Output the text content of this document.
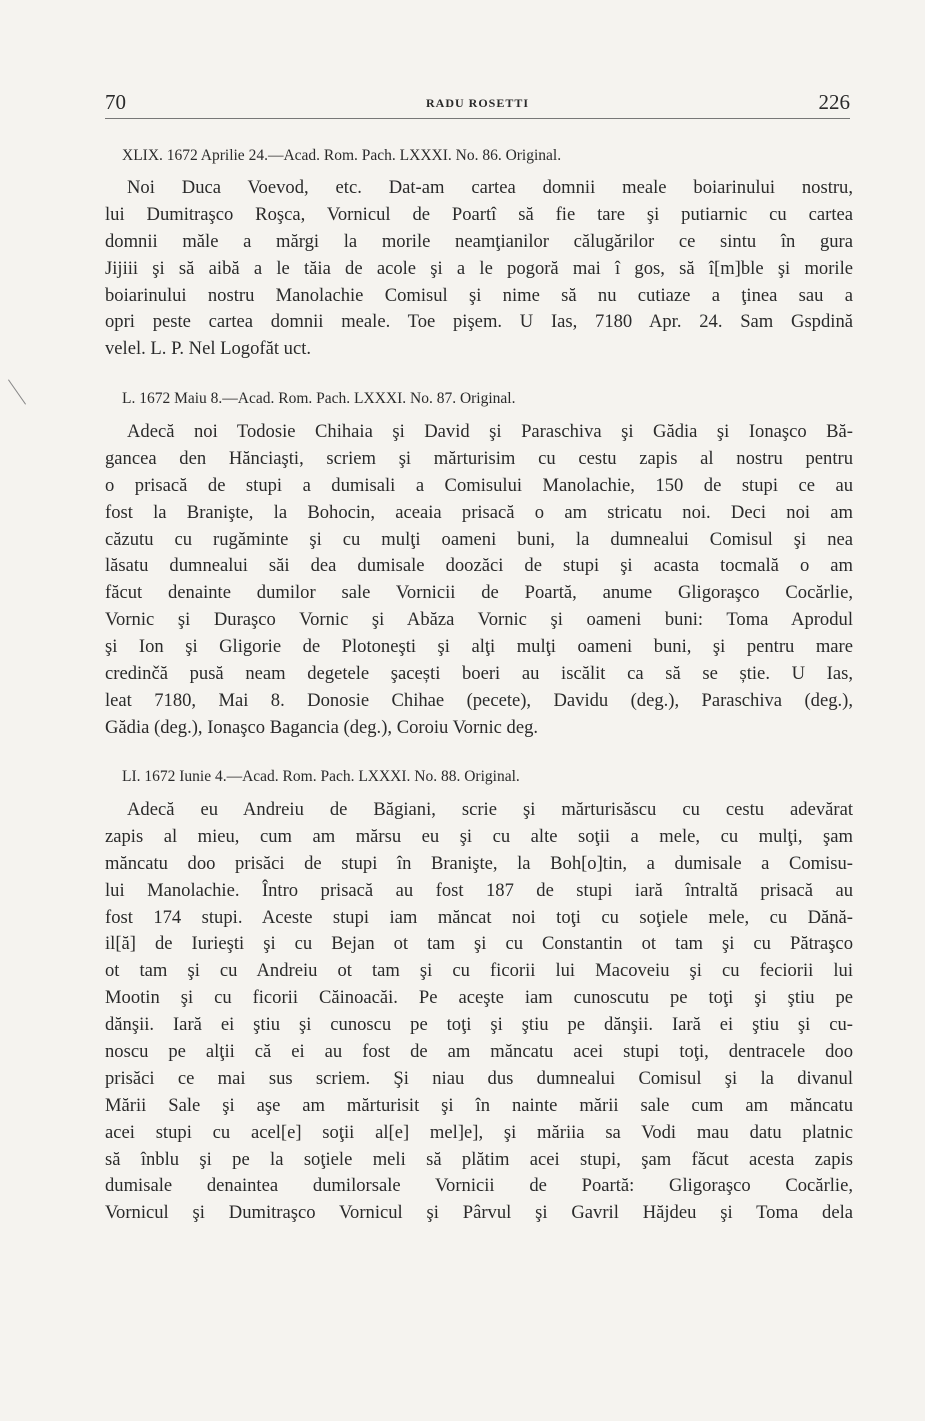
70	RADU ROSETTI	226
XLIX. 1672 Aprilie 24.—Acad. Rom. Pach. LXXXI. No. 86. Original.
Noi Duca Voevod, etc. Dat-am cartea domnii meale boiarinului nostru,
lui Dumitraşco Roşca, Vornicul de Poartî să fie tare şi putiarnic cu cartea
domnii măle a mărgi la morile neamţianilor călugărilor ce sintu în gura
Jijiii şi să aibă a le tăia de acole şi a le pogoră mai î gos, să î[m]ble şi morile
boiarinului nostru Manolachie Comisul şi nime să nu cutiaze a ţinea sau a
opri peste cartea domnii meale. Toe pişem. U Ias, 7180 Apr. 24. Sam Gspdină
velel. L. P. Nel Logofăt uct.
L. 1672 Maiu 8.—Acad. Rom. Pach. LXXXI. No. 87. Original.
Adecă noi Todosie Chihaia şi David şi Paraschiva şi Gădia şi Ionaşco Bă-
gancea den Hănciaşti, scriem şi mărturisim cu cestu zapis al nostru pentru
o prisacă de stupi a dumisali a Comisului Manolachie, 150 de stupi ce au
fost la Branişte, la Bohocin, aceaia prisacă o am stricatu noi. Deci noi am
căzutu cu rugăminte şi cu mulţi oameni buni, la dumnealui Comisul şi nea
lăsatu dumnealui săi dea dumisale doozăci de stupi şi acasta tocmală o am
făcut denainte dumilor sale Vornicii de Poartă, anume Gligoraşco Cocărlie,
Vornic şi Duraşco Vornic şi Abăza Vornic şi oameni buni: Toma Aprodul
şi Ion şi Gligorie de Plotoneşti şi alţi mulţi oameni buni, şi pentru mare
credinčă pusă neam degetele şacești boeri au iscălit ca să se știe. U Ias,
leat 7180, Mai 8. Donosie Chihae (pecete), Davidu (deg.), Paraschiva (deg.),
Gădia (deg.), Ionaşco Bagancia (deg.), Coroiu Vornic deg.
LI. 1672 Iunie 4.—Acad. Rom. Pach. LXXXI. No. 88. Original.
Adecă eu Andreiu de Băgiani, scrie şi mărturisăscu cu cestu adevărat
zapis al mieu, cum am mărsu eu şi cu alte soţii a mele, cu mulţi, şam
măncatu doo prisăci de stupi în Branişte, la Boh[o]tin, a dumisale a Comisu-
lui Manolachie. Întro prisacă au fost 187 de stupi iară întraltă prisacă au
fost 174 stupi. Aceste stupi iam măncat noi toţi cu soţiele mele, cu Dănă-
il[ă] de Iurieşti şi cu Bejan ot tam şi cu Constantin ot tam şi cu Pătraşco
ot tam şi cu Andreiu ot tam şi cu ficorii lui Macoveiu şi cu feciorii lui
Mootin şi cu ficorii Căinoacăi. Pe aceşte iam cunoscutu pe toţi şi ştiu pe
dănşii. Iară ei ştiu şi cunoscu pe toţi şi ştiu pe dănşii. Iară ei ştiu şi cu-
noscu pe alţii că ei au fost de am măncatu acei stupi toţi, dentracele doo
prisăci ce mai sus scriem. Şi niau dus dumnealui Comisul şi la divanul
Mării Sale şi aşe am mărturisit şi în nainte mării sale cum am măncatu
acei stupi cu acel[e] soţii al[e] mel]e], şi măriia sa Vodi mau datu platnic
să înblu şi pe la soţiele meli să plătim acei stupi, şam făcut acesta zapis
dumisale denaintea dumilorsale Vornicii de Poartă: Gligoraşco Cocărlie,
Vornicul şi Dumitraşco Vornicul şi Pârvul şi Gavril Hăjdeu şi Toma dela
